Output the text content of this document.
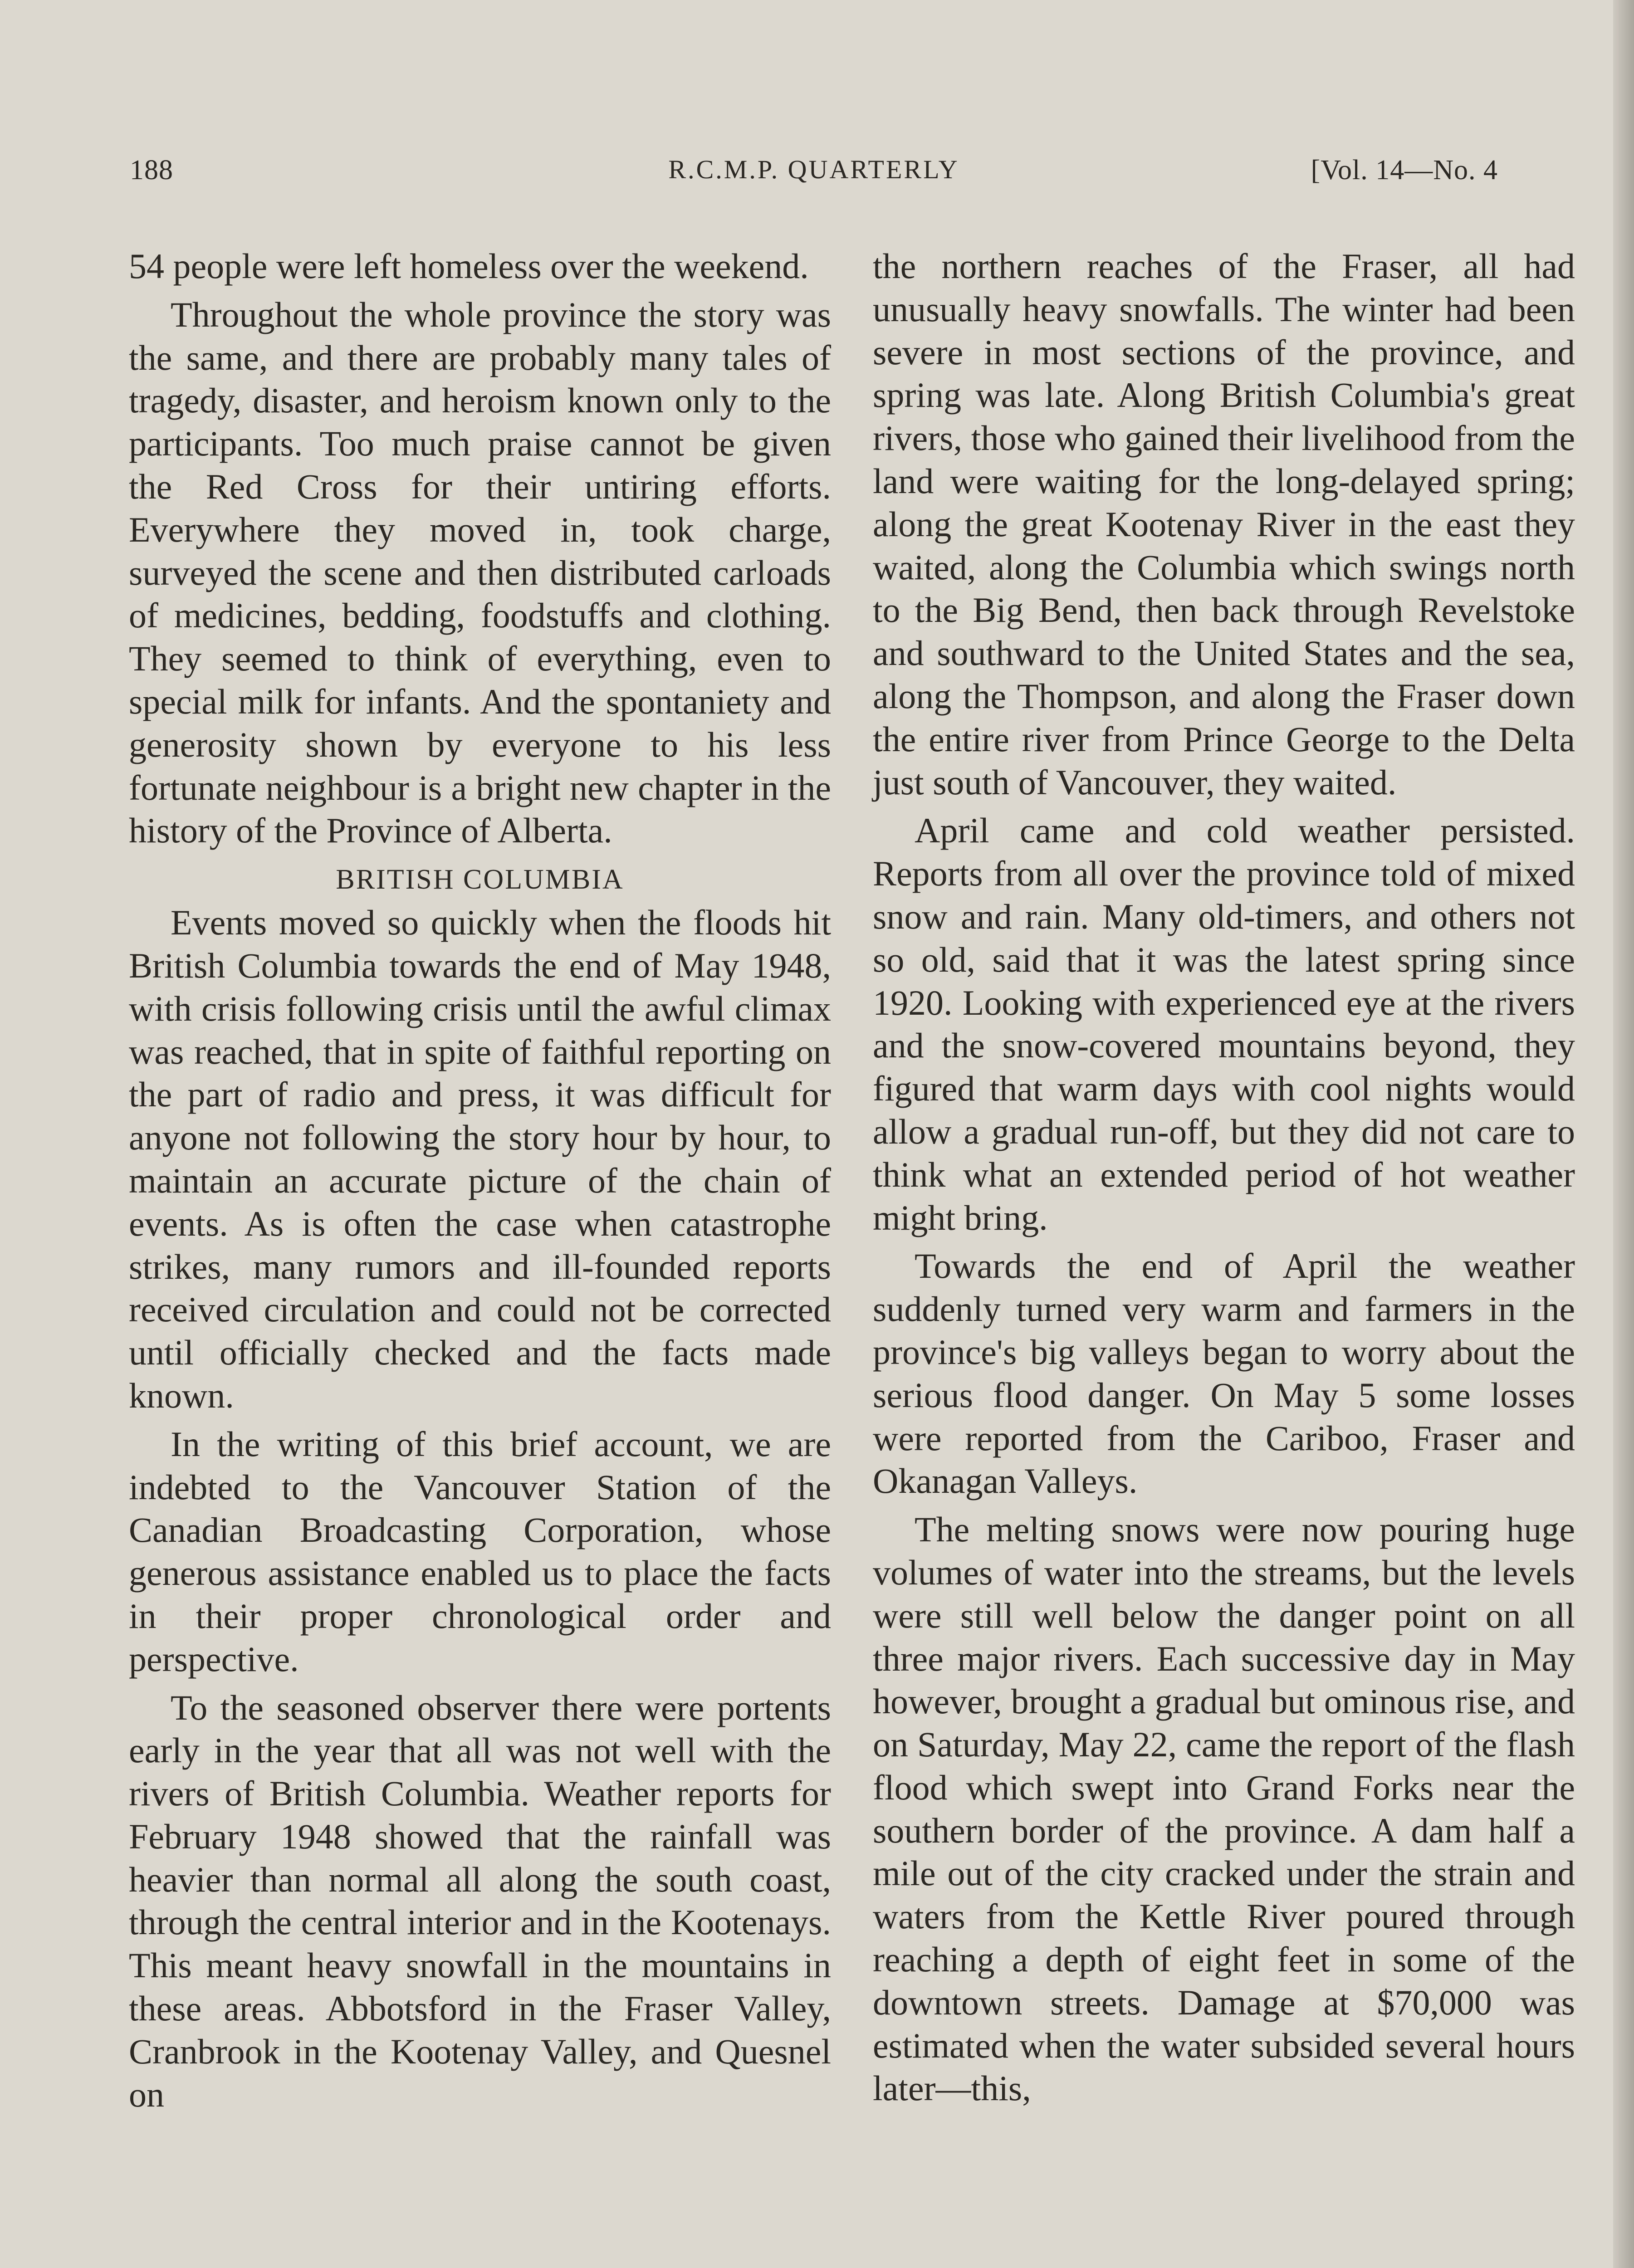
188	R.C.M.P. QUARTERLY	[Vol. 14—No. 4

54 people were left homeless over the weekend.

Throughout the whole province the story was the same, and there are probably many tales of tragedy, disaster, and heroism known only to the participants. Too much praise cannot be given the Red Cross for their untiring efforts. Everywhere they moved in, took charge, surveyed the scene and then distributed carloads of medicines, bedding, foodstuffs and clothing. They seemed to think of everything, even to special milk for infants. And the spontaniety and generosity shown by everyone to his less fortunate neighbour is a bright new chapter in the history of the Province of Alberta.

BRITISH COLUMBIA

Events moved so quickly when the floods hit British Columbia towards the end of May 1948, with crisis following crisis until the awful climax was reached, that in spite of faithful reporting on the part of radio and press, it was difficult for anyone not following the story hour by hour, to maintain an accurate picture of the chain of events. As is often the case when catastrophe strikes, many rumors and ill-founded reports received circulation and could not be corrected until officially checked and the facts made known.

In the writing of this brief account, we are indebted to the Vancouver Station of the Canadian Broadcasting Corporation, whose generous assistance enabled us to place the facts in their proper chronological order and perspective.

To the seasoned observer there were portents early in the year that all was not well with the rivers of British Columbia. Weather reports for February 1948 showed that the rainfall was heavier than normal all along the south coast, through the central interior and in the Kootenays. This meant heavy snowfall in the mountains in these areas. Abbotsford in the Fraser Valley, Cranbrook in the Kootenay Valley, and Quesnel on

the northern reaches of the Fraser, all had unusually heavy snowfalls. The winter had been severe in most sections of the province, and spring was late. Along British Columbia's great rivers, those who gained their livelihood from the land were waiting for the long-delayed spring; along the great Kootenay River in the east they waited, along the Columbia which swings north to the Big Bend, then back through Revelstoke and southward to the United States and the sea, along the Thompson, and along the Fraser down the entire river from Prince George to the Delta just south of Vancouver, they waited.

April came and cold weather persisted. Reports from all over the province told of mixed snow and rain. Many old-timers, and others not so old, said that it was the latest spring since 1920. Looking with experienced eye at the rivers and the snow-covered mountains beyond, they figured that warm days with cool nights would allow a gradual run-off, but they did not care to think what an extended period of hot weather might bring.

Towards the end of April the weather suddenly turned very warm and farmers in the province's big valleys began to worry about the serious flood danger. On May 5 some losses were reported from the Cariboo, Fraser and Okanagan Valleys.

The melting snows were now pouring huge volumes of water into the streams, but the levels were still well below the danger point on all three major rivers. Each successive day in May however, brought a gradual but ominous rise, and on Saturday, May 22, came the report of the flash flood which swept into Grand Forks near the southern border of the province. A dam half a mile out of the city cracked under the strain and waters from the Kettle River poured through reaching a depth of eight feet in some of the downtown streets. Damage at $70,000 was estimated when the water subsided several hours later—this,
